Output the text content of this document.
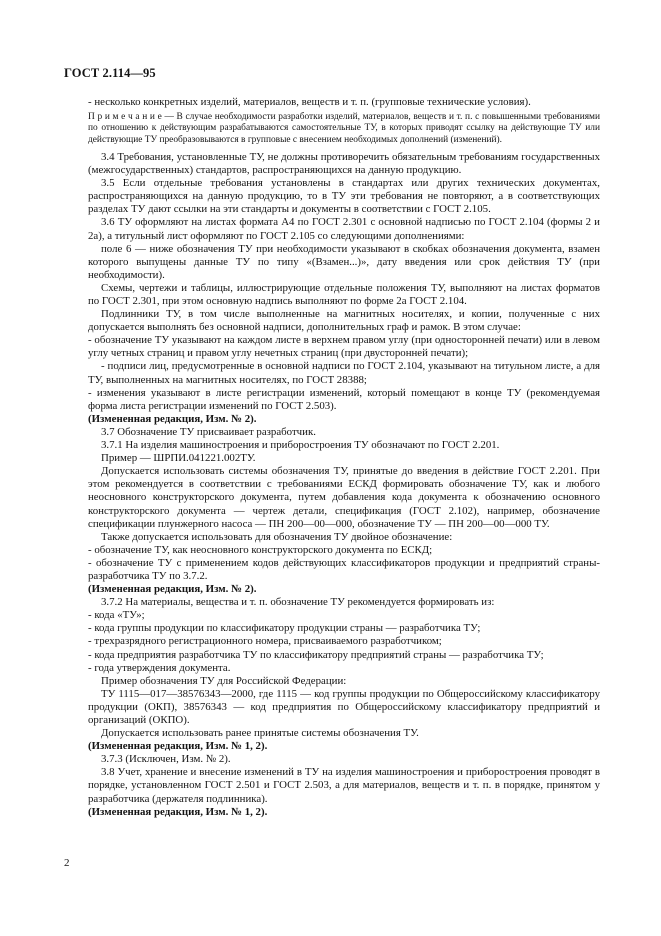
ГОСТ 2.114—95

- несколько конкретных изделий, материалов, веществ и т. п. (групповые технические условия).

П р и м е ч а н и е — В случае необходимости разработки изделий, материалов, веществ и т. п. с повышенными требованиями по отношению к действующим разрабатываются самостоятельные ТУ, в которых приводят ссылку на действующие ТУ или действующие ТУ преобразовываются в групповые с внесением необходимых дополнений (изменений).

3.4 Требования, установленные ТУ, не должны противоречить обязательным требованиям государственных (межгосударственных) стандартов, распространяющихся на данную продукцию.

3.5 Если отдельные требования установлены в стандартах или других технических документах, распространяющихся на данную продукцию, то в ТУ эти требования не повторяют, а в соответствующих разделах ТУ дают ссылки на эти стандарты и документы в соответствии с ГОСТ 2.105.

3.6 ТУ оформляют на листах формата А4 по ГОСТ 2.301 с основной надписью по ГОСТ 2.104 (формы 2 и 2а), а титульный лист оформляют по ГОСТ 2.105 со следующими дополнениями:

поле 6 — ниже обозначения ТУ при необходимости указывают в скобках обозначения документа, взамен которого выпущены данные ТУ по типу «(Взамен...)», дату введения или срок действия ТУ (при необходимости).

Схемы, чертежи и таблицы, иллюстрирующие отдельные положения ТУ, выполняют на листах форматов по ГОСТ 2.301, при этом основную надпись выполняют по форме 2а ГОСТ 2.104.

Подлинники ТУ, в том числе выполненные на магнитных носителях, и копии, полученные с них допускается выполнять без основной надписи, дополнительных граф и рамок. В этом случае:

- обозначение ТУ указывают на каждом листе в верхнем правом углу (при односторонней печати) или в левом углу четных страниц и правом углу нечетных страниц (при двусторонней печати);

- подписи лиц, предусмотренные в основной надписи по ГОСТ 2.104, указывают на титульном листе, а для ТУ, выполненных на магнитных носителях, по ГОСТ 28388;

- изменения указывают в листе регистрации изменений, который помещают в конце ТУ (рекомендуемая форма листа регистрации изменений по ГОСТ 2.503).

(Измененная редакция, Изм. № 2).

3.7 Обозначение ТУ присваивает разработчик.

3.7.1 На изделия машиностроения и приборостроения ТУ обозначают по ГОСТ 2.201.

Пример — ШРПИ.041221.002ТУ.

Допускается использовать системы обозначения ТУ, принятые до введения в действие ГОСТ 2.201. При этом рекомендуется в соответствии с требованиями ЕСКД формировать обозначение ТУ, как и любого неосновного конструкторского документа, путем добавления кода документа к обозначению основного конструкторского документа — чертеж детали, спецификация (ГОСТ 2.102), например, обозначение спецификации плунжерного насоса — ПН 200—00—000, обозначение ТУ — ПН 200—00—000 ТУ.

Также допускается использовать для обозначения ТУ двойное обозначение:

- обозначение ТУ, как неосновного конструкторского документа по ЕСКД;

- обозначение ТУ с применением кодов действующих классификаторов продукции и предприятий страны-разработчика ТУ по 3.7.2.

(Измененная редакция, Изм. № 2).

3.7.2 На материалы, вещества и т. п. обозначение ТУ рекомендуется формировать из:

- кода «ТУ»;

- кода группы продукции по классификатору продукции страны — разработчика ТУ;

- трехразрядного регистрационного номера, присваиваемого разработчиком;

- кода предприятия разработчика ТУ по классификатору предприятий страны — разработчика ТУ;

- года утверждения документа.

Пример обозначения ТУ для Российской Федерации:

ТУ 1115—017—38576343—2000, где 1115 — код группы продукции по Общероссийскому классификатору продукции (ОКП), 38576343 — код предприятия по Общероссийскому классификатору предприятий и организаций (ОКПО).

Допускается использовать ранее принятые системы обозначения ТУ.

(Измененная редакция, Изм. № 1, 2).

3.7.3 (Исключен, Изм. № 2).

3.8 Учет, хранение и внесение изменений в ТУ на изделия машиностроения и приборостроения проводят в порядке, установленном ГОСТ 2.501 и ГОСТ 2.503, а для материалов, веществ и т. п. в порядке, принятом у разработчика (держателя подлинника).

(Измененная редакция, Изм. № 1, 2).

2
